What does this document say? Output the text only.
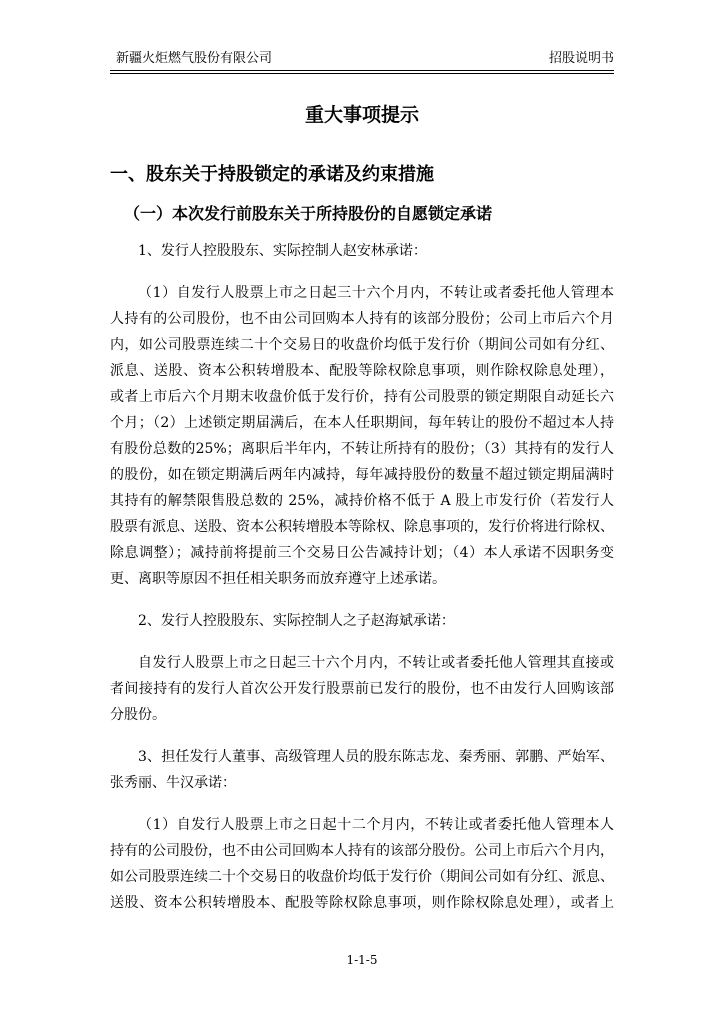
新疆火炬燃气股份有限公司	招股说明书
重大事项提示
一、股东关于持股锁定的承诺及约束措施
（一）本次发行前股东关于所持股份的自愿锁定承诺
1、发行人控股股东、实际控制人赵安林承诺：
（1）自发行人股票上市之日起三十六个月内，不转让或者委托他人管理本
人持有的公司股份，也不由公司回购本人持有的该部分股份；公司上市后六个月
内，如公司股票连续二十个交易日的收盘价均低于发行价（期间公司如有分红、
派息、送股、资本公积转增股本、配股等除权除息事项，则作除权除息处理），
或者上市后六个月期末收盘价低于发行价，持有公司股票的锁定期限自动延长六
个月；（2）上述锁定期届满后，在本人任职期间，每年转让的股份不超过本人持
有股份总数的25%；离职后半年内，不转让所持有的股份；（3）其持有的发行人
的股份，如在锁定期满后两年内减持，每年减持股份的数量不超过锁定期届满时
其持有的解禁限售股总数的 25%，减持价格不低于 A 股上市发行价（若发行人
股票有派息、送股、资本公积转增股本等除权、除息事项的，发行价将进行除权、
除息调整）；减持前将提前三个交易日公告减持计划；（4）本人承诺不因职务变
更、离职等原因不担任相关职务而放弃遵守上述承诺。
2、发行人控股股东、实际控制人之子赵海斌承诺：
自发行人股票上市之日起三十六个月内，不转让或者委托他人管理其直接或
者间接持有的发行人首次公开发行股票前已发行的股份，也不由发行人回购该部
分股份。
3、担任发行人董事、高级管理人员的股东陈志龙、秦秀丽、郭鹏、严始军、
张秀丽、牛汉承诺：
（1）自发行人股票上市之日起十二个月内，不转让或者委托他人管理本人
持有的公司股份，也不由公司回购本人持有的该部分股份。公司上市后六个月内，
如公司股票连续二十个交易日的收盘价均低于发行价（期间公司如有分红、派息、
送股、资本公积转增股本、配股等除权除息事项，则作除权除息处理），或者上
1-1-5
